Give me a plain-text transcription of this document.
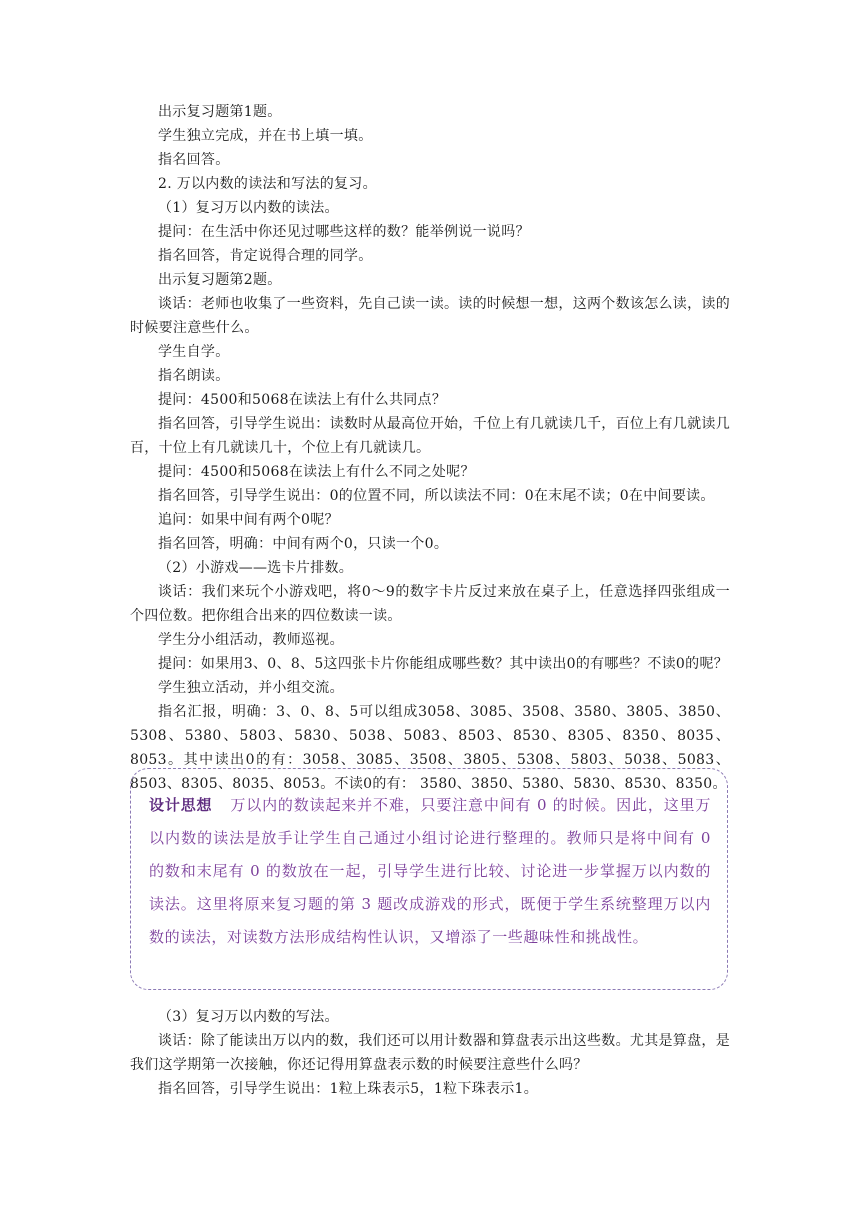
出示复习题第1题。

学生独立完成，并在书上填一填。

指名回答。

2. 万以内数的读法和写法的复习。

（1）复习万以内数的读法。

提问：在生活中你还见过哪些这样的数？能举例说一说吗？

指名回答，肯定说得合理的同学。

出示复习题第2题。

谈话：老师也收集了一些资料，先自己读一读。读的时候想一想，这两个数该怎么读，读的时候要注意些什么。

学生自学。

指名朗读。

提问：4500和5068在读法上有什么共同点？

指名回答，引导学生说出：读数时从最高位开始，千位上有几就读几千，百位上有几就读几百，十位上有几就读几十，个位上有几就读几。

提问：4500和5068在读法上有什么不同之处呢？

指名回答，引导学生说出：0的位置不同，所以读法不同：0在末尾不读；0在中间要读。

追问：如果中间有两个0呢？

指名回答，明确：中间有两个0，只读一个0。

（2）小游戏——选卡片排数。

谈话：我们来玩个小游戏吧，将0～9的数字卡片反过来放在桌子上，任意选择四张组成一个四位数。把你组合出来的四位数读一读。

学生分小组活动，教师巡视。

提问：如果用3、0、8、5这四张卡片你能组成哪些数？其中读出0的有哪些？不读0的呢？

学生独立活动，并小组交流。

指名汇报，明确：3、0、8、5可以组成3058、3085、3508、3580、3805、3850、5308、5380、5803、5830、5038、5083、8503、8530、8305、8350、8035、8053。其中读出0的有：3058、3085、3508、3805、5308、5803、5038、5083、8503、8305、8035、8053。不读0的有： 3580、3850、5380、5830、8530、8350。

设计思想 万以内的数读起来并不难，只要注意中间有 0 的时候。因此，这里万以内数的读法是放手让学生自己通过小组讨论进行整理的。教师只是将中间有 0 的数和末尾有 0 的数放在一起，引导学生进行比较、讨论进一步掌握万以内数的读法。这里将原来复习题的第 3 题改成游戏的形式，既便于学生系统整理万以内数的读法，对读数方法形成结构性认识，又增添了一些趣味性和挑战性。

（3）复习万以内数的写法。

谈话：除了能读出万以内的数，我们还可以用计数器和算盘表示出这些数。尤其是算盘，是我们这学期第一次接触，你还记得用算盘表示数的时候要注意些什么吗？

指名回答，引导学生说出：1粒上珠表示5，1粒下珠表示1。
